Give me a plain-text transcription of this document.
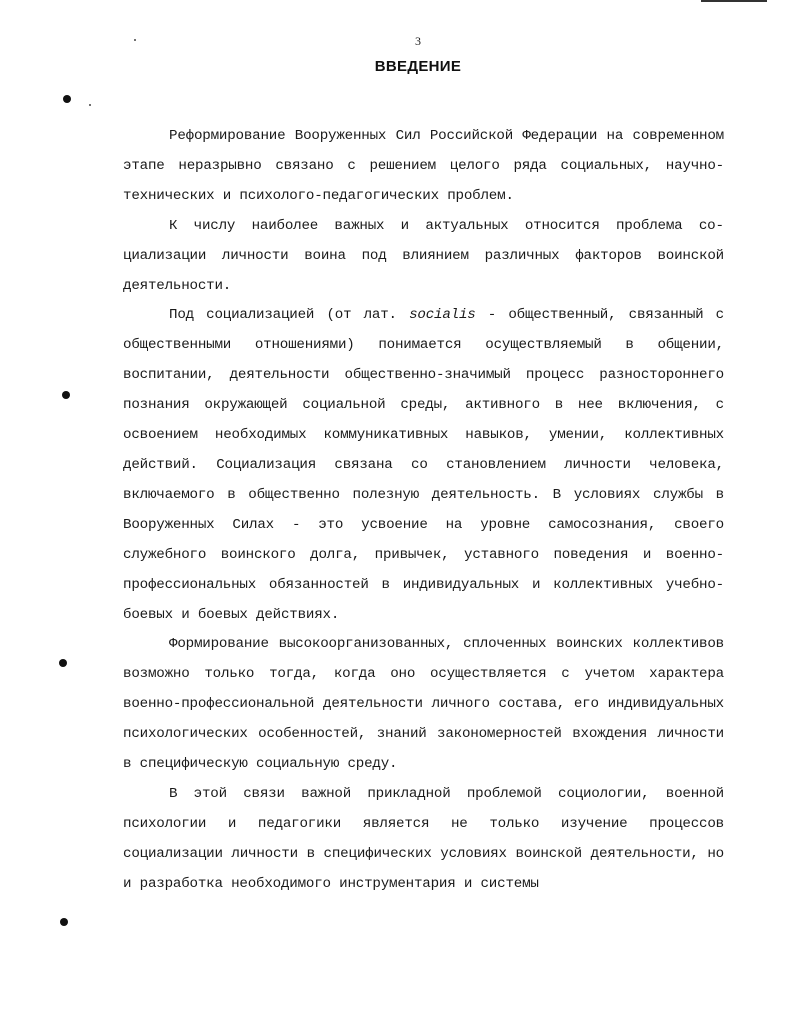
3
ВВЕДЕНИЕ

Реформирование Вооруженных Сил Российской Федерации на современном этапе неразрывно связано с решением целого ряда социальных, научно-технических и психолого-педагогических проблем.

К числу наиболее важных и актуальных относится проблема социализации личности воина под влиянием различных факторов воинской деятельности.

Под социализацией (от лат. socialis - общественный, связанный с общественными отношениями) понимается осуществляемый в общении, воспитании, деятельности общественно-значимый процесс разностороннего познания окружающей социальной среды, активного в нее включения, с освоением необходимых коммуникативных навыков, умении, коллективных действий. Социализация связана со становлением личности человека, включаемого в общественно полезную деятельность. В условиях службы в Вооруженных Силах - это усвоение на уровне самосознания, своего служебного воинского долга, привычек, уставного поведения и военно-профессиональных обязанностей в индивидуальных и коллективных учебно-боевых и боевых действиях.

Формирование высокоорганизованных, сплоченных воинских коллективов возможно только тогда, когда оно осуществляется с учетом характера военно-профессиональной деятельности личного состава, его индивидуальных психологических особенностей, знаний закономерностей вхождения личности в специфическую социальную среду.

В этой связи важной прикладной проблемой социологии, военной психологии и педагогики является не только изучение процессов социализации личности в специфических условиях воинской деятельности, но и разработка необходимого инструментария и системы
